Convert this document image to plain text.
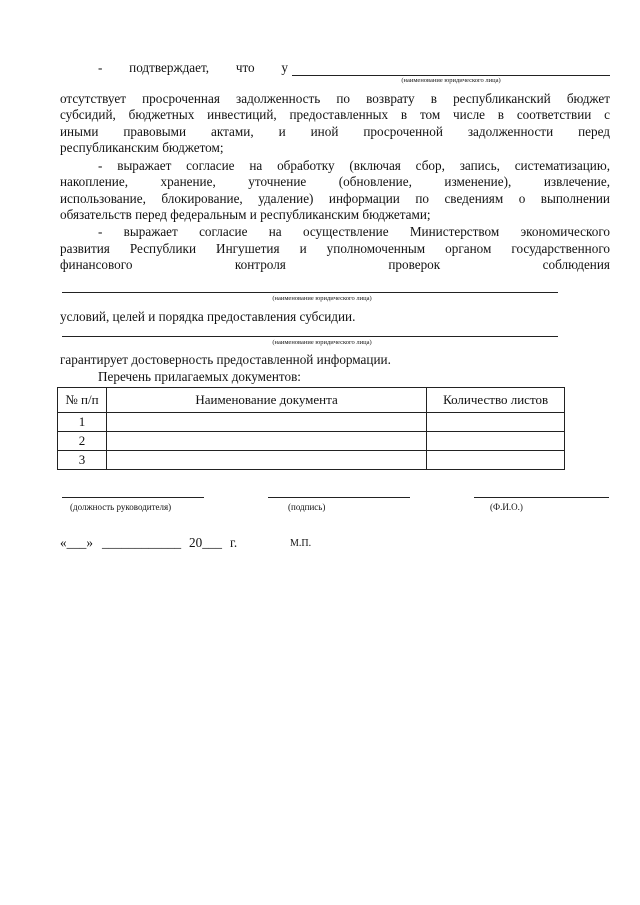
- подтверждает, что у
(наименование юридического лица)
отсутствует просроченная задолженность по возврату в республиканский бюджет
субсидий, бюджетных инвестиций, предоставленных в том числе в соответствии с
иными правовыми актами, и иной просроченной задолженности перед
республиканским бюджетом;
- выражает согласие на обработку (включая сбор, запись, систематизацию,
накопление, хранение, уточнение (обновление, изменение), извлечение,
использование, блокирование, удаление) информации по сведениям о выполнении
обязательств перед федеральным и республиканским бюджетами;
- выражает согласие на осуществление Министерством экономического
развития Республики Ингушетия и уполномоченным органом государственного
финансового контроля проверок соблюдения
(наименование юридического лица)
условий, целей и порядка предоставления субсидии.
(наименование юридического лица)
гарантирует достоверность предоставленной информации.
Перечень прилагаемых документов:
№ п/п	Наименование документа	Количество листов
1		
2		
3		
(должность руководителя)	(подпись)	(Ф.И.О.)
«___» ____________ 20___ г.	М.П.
